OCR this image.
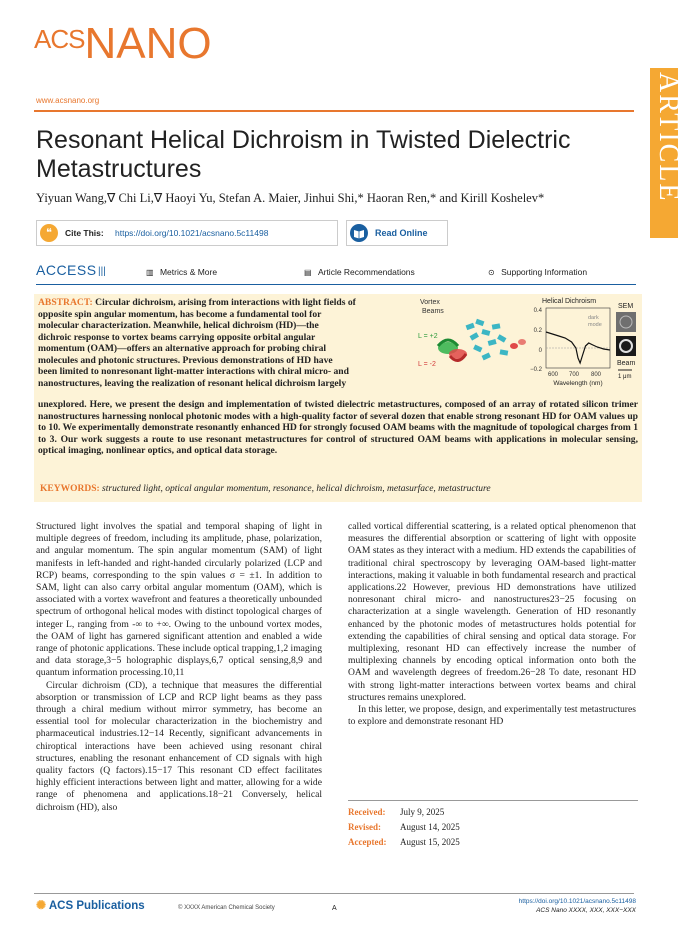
ACSNANO
www.acsnano.org	ARTICLE
Resonant Helical Dichroism in Twisted Dielectric Metastructures
Yiyuan Wang,∇ Chi Li,∇ Haoyi Yu, Stefan A. Maier, Jinhui Shi,* Haoran Ren,* and Kirill Koshelev*
❝	Cite This: https://doi.org/10.1021/acsnano.5c11498	Read Online
ACCESS |||	▥ Metrics & More	▤ Article Recommendations	⊙ Supporting Information
ABSTRACT: Circular dichroism, arising from interactions with light fields of
opposite spin angular momentum, has become a fundamental tool for
molecular characterization. Meanwhile, helical dichroism (HD)—the
dichroic response to vortex beams carrying opposite orbital angular
momentum (OAM)—offers an alternative approach for probing chiral
molecules and photonic structures. Previous demonstrations of HD have
been limited to nonresonant light-matter interactions with chiral micro- and
nanostructures, leaving the realization of resonant helical dichroism largely
unexplored. Here, we present the design and implementation of twisted dielectric metastructures, composed of an array of rotated silicon trimer nanostructures harnessing nonlocal photonic modes with a high-quality factor of several dozen that enable strong resonant HD for OAM values up to 10. We experimentally demonstrate resonantly enhanced HD for strongly focused OAM beams with the magnitude of topological charges from 1 to 3. Our work suggests a route to use resonant metastructures for control of structured OAM beams with applications in molecular sensing, optical imaging, nonlinear optics, and optical data storage.
KEYWORDS: structured light, optical angular momentum, resonance, helical dichroism, metasurface, metastructure
Vortex
Beams
L = +2
L = -2
Helical Dichroism
0.4
0.2
0
−0.2
dark
mode
600 700 800
Wavelength (nm)
SEM
Beam
1 μm

Structured light involves the spatial and temporal shaping of light in multiple degrees of freedom, including its amplitude, phase, polarization, and angular momentum. The spin angular momentum (SAM) of light manifests in left-handed and right-handed circularly polarized (LCP and RCP) beams, corresponding to the spin values σ = ±1. In addition to SAM, light can also carry orbital angular momentum (OAM), which is associated with a vortex wavefront and features a theoretically unbounded spectrum of orthogonal helical modes with distinct topological charges of integer L, ranging from -∞ to +∞. Owing to the unbound vortex modes, the OAM of light has garnered significant attention and enabled a wide range of photonic applications. These include optical trapping,1,2 imaging and data storage,3−5 holographic displays,6,7 optical sensing,8,9 and quantum information processing.10,11

Circular dichroism (CD), a technique that measures the differential absorption or transmission of LCP and RCP light beams as they pass through a chiral medium without mirror symmetry, has become an essential tool for molecular characterization in the biochemistry and pharmaceutical industries.12−14 Recently, significant advancements in chiroptical interactions have been achieved using resonant chiral structures, enabling the resonant enhancement of CD signals with high quality factors (Q factors).15−17 This resonant CD effect facilitates highly efficient interactions between light and matter, allowing for a wide range of phenomena and applications.18−21 Conversely, helical dichroism (HD), also

called vortical differential scattering, is a related optical phenomenon that measures the differential absorption or scattering of light with opposite OAM states as they interact with a medium. HD extends the capabilities of traditional chiral spectroscopy by leveraging OAM-based light-matter interactions, making it valuable in both fundamental research and practical applications.22 However, previous HD demonstrations have utilized nonresonant chiral micro- and nanostructures23−25 focusing on characterization at a single wavelength. Generation of HD resonantly enhanced by the photonic modes of metastructures holds potential for extending the capabilities of chiral sensing and optical data storage. For multiplexing, resonant HD can effectively increase the number of multiplexing channels by encoding optical information onto both the OAM and wavelength degrees of freedom.26−28 To date, resonant HD with strong light-matter interactions between vortex beams and chiral structures remains unexplored.

In this letter, we propose, design, and experimentally test metastructures to explore and demonstrate resonant HD

Received: July 9, 2025
Revised: August 14, 2025
Accepted: August 15, 2025
✺ ACS Publications	© XXXX American Chemical Society	A
https://doi.org/10.1021/acsnano.5c11498
ACS Nano XXXX, XXX, XXX−XXX
